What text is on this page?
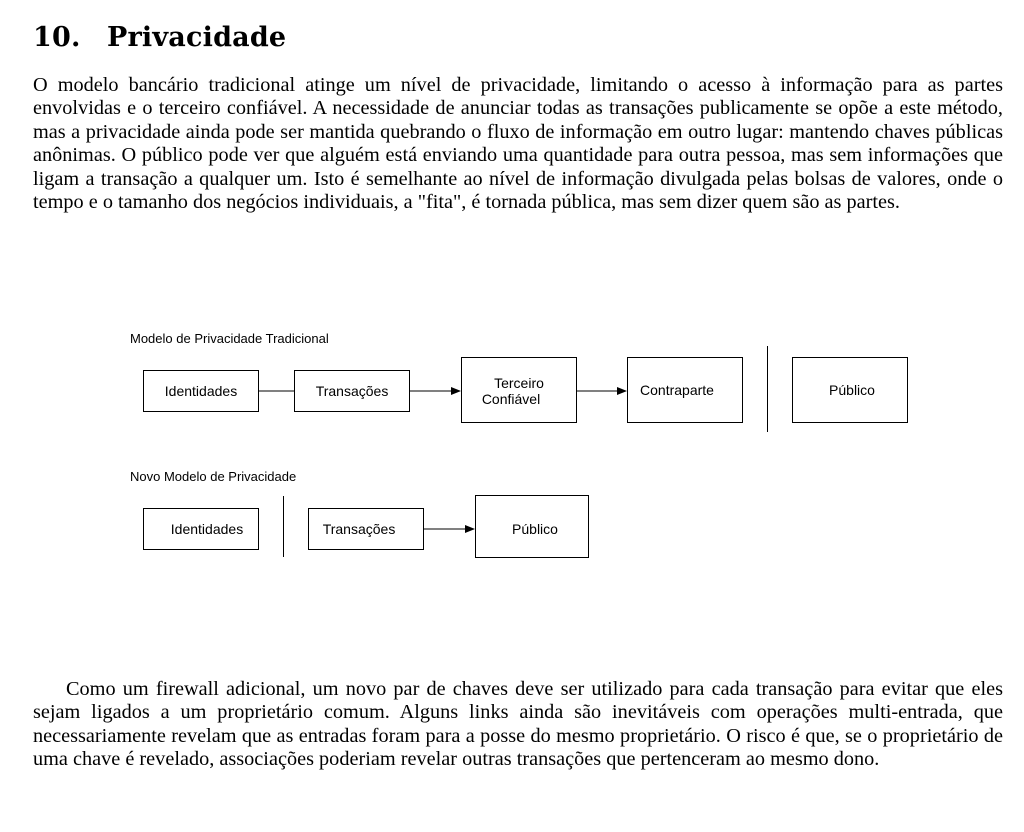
10. Privacidade

O modelo bancário tradicional atinge um nível de privacidade, limitando o acesso à informação para as partes envolvidas e o terceiro confiável. A necessidade de anunciar todas as transações publicamente se opõe a este método, mas a privacidade ainda pode ser mantida quebrando o fluxo de informação em outro lugar: mantendo chaves públicas anônimas. O público pode ver que alguém está enviando uma quantidade para outra pessoa, mas sem informações que ligam a transação a qualquer um. Isto é semelhante ao nível de informação divulgada pelas bolsas de valores, onde o tempo e o tamanho dos negócios individuais, a "fita", é tornada pública, mas sem dizer quem são as partes.

Modelo de Privacidade Tradicional
Identidades	Transações	Terceiro
Confiável
Contraparte	Público
Novo Modelo de Privacidade
Identidades	Transações	Público

Como um firewall adicional, um novo par de chaves deve ser utilizado para cada transação para evitar que eles sejam ligados a um proprietário comum. Alguns links ainda são inevitáveis com operações multi-entrada, que necessariamente revelam que as entradas foram para a posse do mesmo proprietário. O risco é que, se o proprietário de uma chave é revelado, associações poderiam revelar outras transações que pertenceram ao mesmo dono.
